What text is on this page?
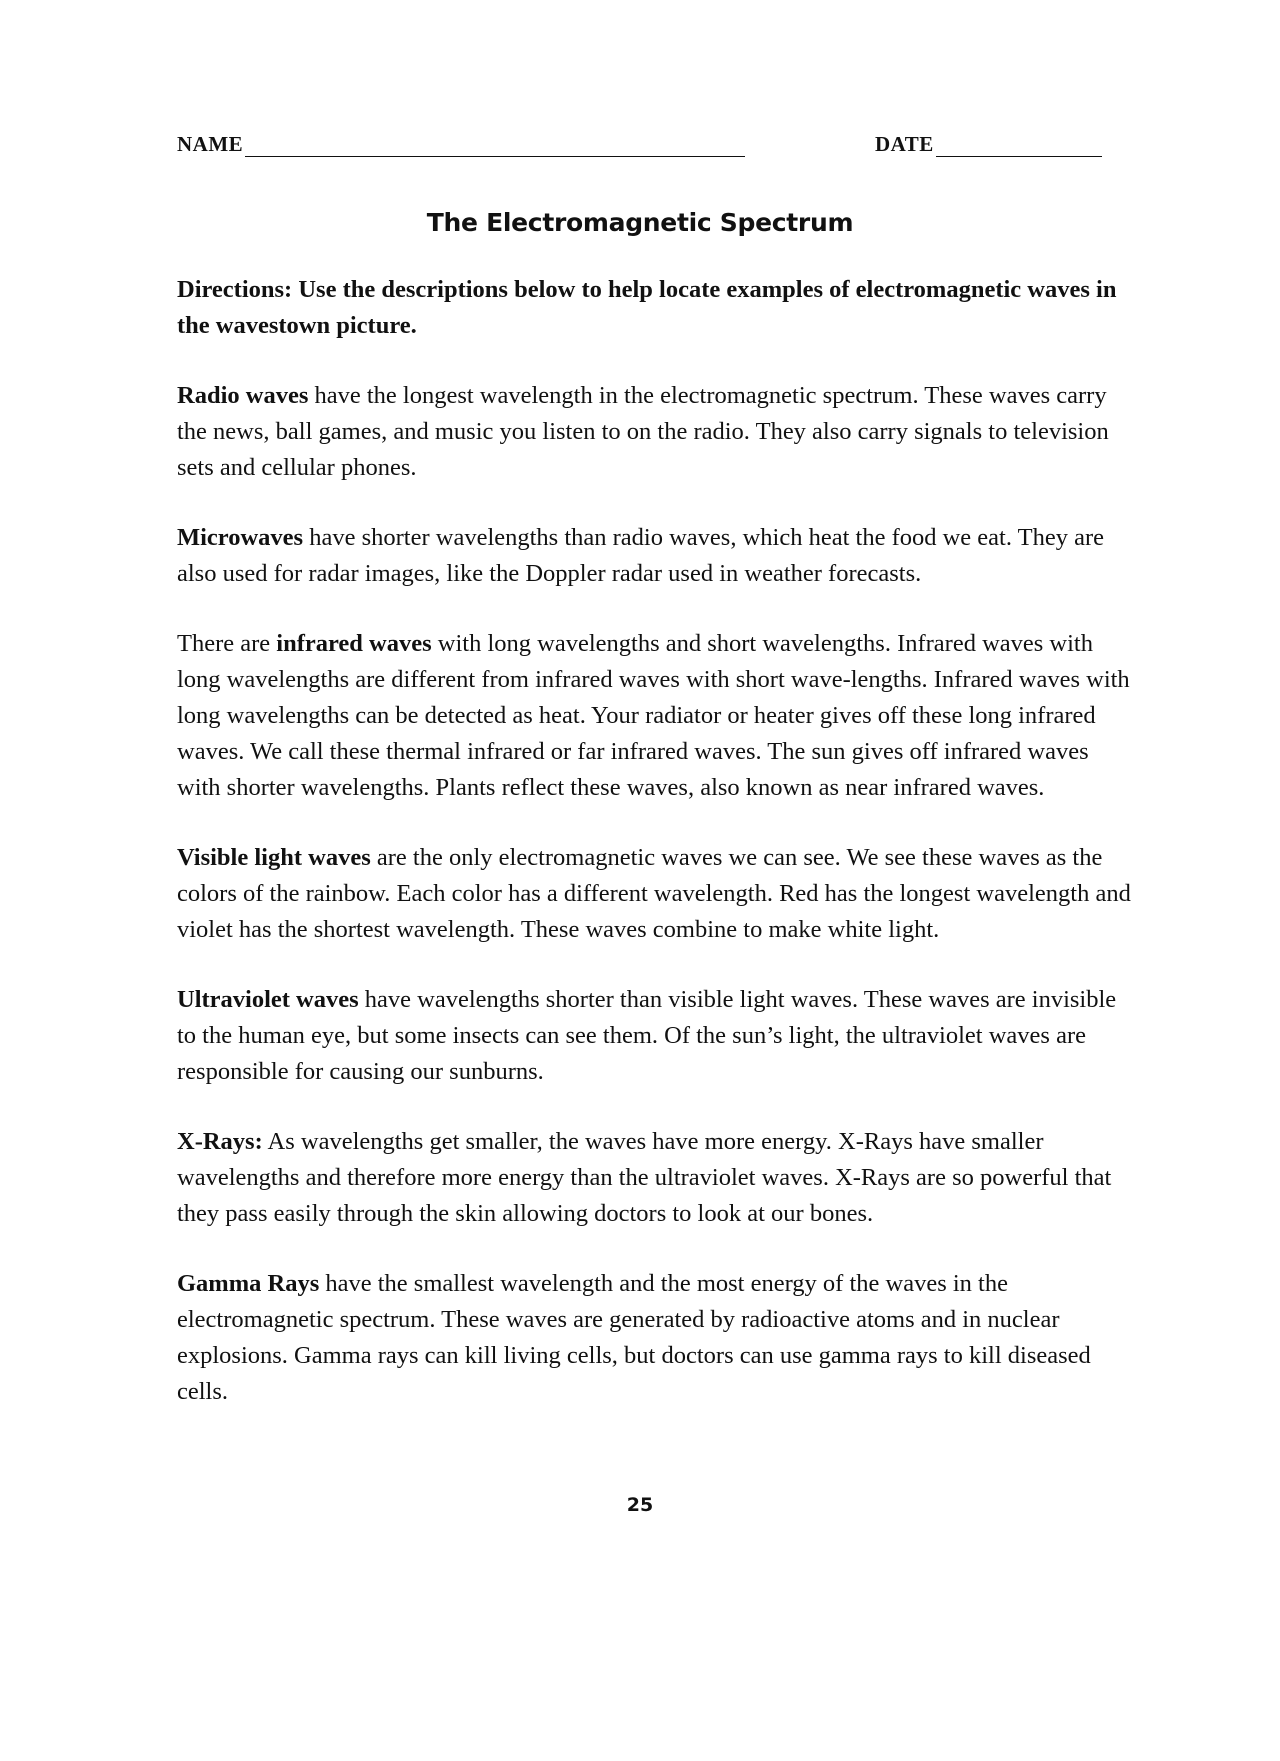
NAME	DATE
The Electromagnetic Spectrum

Directions: Use the descriptions below to help locate examples of electromagnetic waves in the wavestown picture.

Radio waves have the longest wavelength in the electromagnetic spectrum. These waves carry the news, ball games, and music you listen to on the radio. They also carry signals to television sets and cellular phones.

Microwaves have shorter wavelengths than radio waves, which heat the food we eat. They are also used for radar images, like the Doppler radar used in weather forecasts.

There are infrared waves with long wavelengths and short wavelengths. Infrared waves with long wavelengths are different from infrared waves with short wave-lengths. Infrared waves with long wavelengths can be detected as heat. Your radiator or heater gives off these long infrared waves. We call these thermal infrared or far infrared waves. The sun gives off infrared waves with shorter wavelengths. Plants reflect these waves, also known as near infrared waves.

Visible light waves are the only electromagnetic waves we can see. We see these waves as the colors of the rainbow. Each color has a different wavelength. Red has the longest wavelength and violet has the shortest wavelength. These waves combine to make white light.

Ultraviolet waves have wavelengths shorter than visible light waves. These waves are invisible to the human eye, but some insects can see them. Of the sun’s light, the ultraviolet waves are responsible for causing our sunburns.

X-Rays: As wavelengths get smaller, the waves have more energy. X-Rays have smaller wavelengths and therefore more energy than the ultraviolet waves. X-Rays are so powerful that they pass easily through the skin allowing doctors to look at our bones.

Gamma Rays have the smallest wavelength and the most energy of the waves in the electromagnetic spectrum. These waves are generated by radioactive atoms and in nuclear explosions. Gamma rays can kill living cells, but doctors can use gamma rays to kill diseased cells.

25
